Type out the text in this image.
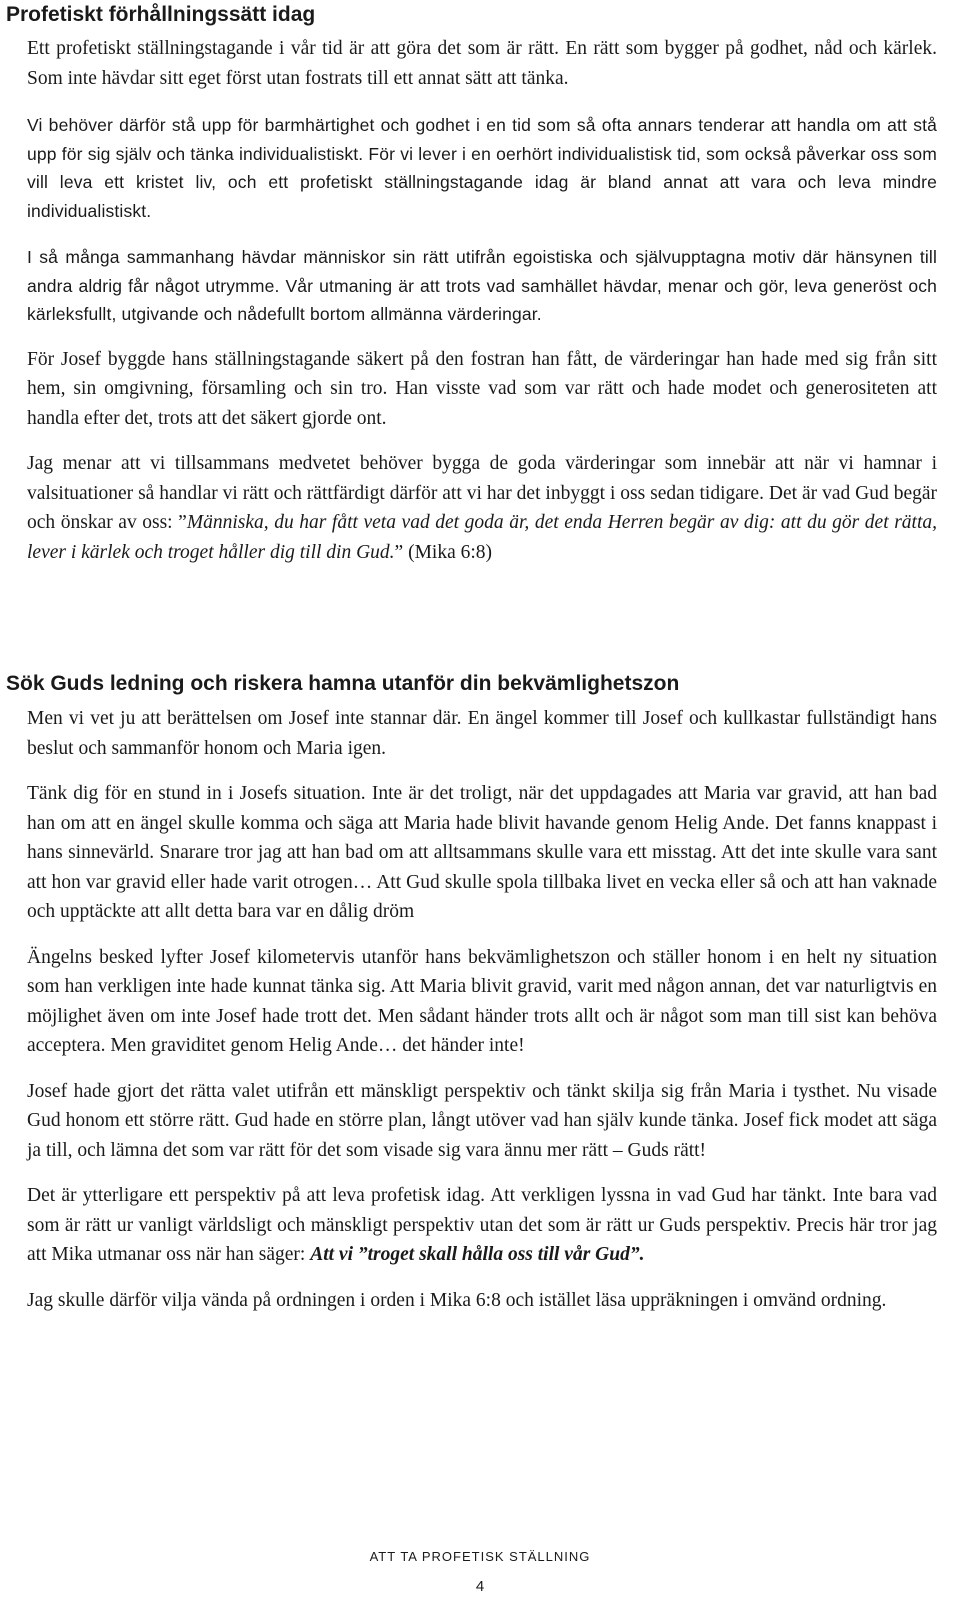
Profetiskt förhållningssätt idag

Ett profetiskt ställningstagande i vår tid är att göra det som är rätt. En rätt som bygger på godhet, nåd och kärlek. Som inte hävdar sitt eget först utan fostrats till ett annat sätt att tänka.

Vi behöver därför stå upp för barmhärtighet och godhet i en tid som så ofta annars tenderar att handla om att stå upp för sig själv och tänka individualistiskt. För vi lever i en oerhört individualistisk tid, som också påverkar oss som vill leva ett kristet liv, och ett profetiskt ställningstagande idag är bland annat att vara och leva mindre individualistiskt.

I så många sammanhang hävdar människor sin rätt utifrån egoistiska och självupptagna motiv där hänsynen till andra aldrig får något utrymme. Vår utmaning är att trots vad samhället hävdar, menar och gör, leva generöst och kärleksfullt, utgivande och nådefullt bortom allmänna värderingar.

För Josef byggde hans ställningstagande säkert på den fostran han fått, de värderingar han hade med sig från sitt hem, sin omgivning, församling och sin tro. Han visste vad som var rätt och hade modet och generositeten att handla efter det, trots att det säkert gjorde ont.

Jag menar att vi tillsammans medvetet behöver bygga de goda värderingar som innebär att när vi hamnar i valsituationer så handlar vi rätt och rättfärdigt därför att vi har det inbyggt i oss sedan tidigare. Det är vad Gud begär och önskar av oss: ”Människa, du har fått veta vad det goda är, det enda Herren begär av dig: att du gör det rätta, lever i kärlek och troget håller dig till din Gud.” (Mika 6:8)

Sök Guds ledning och riskera hamna utanför din bekvämlighetszon

Men vi vet ju att berättelsen om Josef inte stannar där. En ängel kommer till Josef och kullkastar fullständigt hans beslut och sammanför honom och Maria igen.

Tänk dig för en stund in i Josefs situation. Inte är det troligt, när det uppdagades att Maria var gravid, att han bad han om att en ängel skulle komma och säga att Maria hade blivit havande genom Helig Ande. Det fanns knappast i hans sinnevärld. Snarare tror jag att han bad om att alltsammans skulle vara ett misstag. Att det inte skulle vara sant att hon var gravid eller hade varit otrogen… Att Gud skulle spola tillbaka livet en vecka eller så och att han vaknade och upptäckte att allt detta bara var en dålig dröm

Ängelns besked lyfter Josef kilometervis utanför hans bekvämlighetszon och ställer honom i en helt ny situation som han verkligen inte hade kunnat tänka sig. Att Maria blivit gravid, varit med någon annan, det var naturligtvis en möjlighet även om inte Josef hade trott det. Men sådant händer trots allt och är något som man till sist kan behöva acceptera. Men graviditet genom Helig Ande… det händer inte!

Josef hade gjort det rätta valet utifrån ett mänskligt perspektiv och tänkt skilja sig från Maria i tysthet. Nu visade Gud honom ett större rätt. Gud hade en större plan, långt utöver vad han själv kunde tänka. Josef fick modet att säga ja till, och lämna det som var rätt för det som visade sig vara ännu mer rätt – Guds rätt!

Det är ytterligare ett perspektiv på att leva profetisk idag. Att verkligen lyssna in vad Gud har tänkt. Inte bara vad som är rätt ur vanligt världsligt och mänskligt perspektiv utan det som är rätt ur Guds perspektiv. Precis här tror jag att Mika utmanar oss när han säger: Att vi ”troget skall hålla oss till vår Gud”.

Jag skulle därför vilja vända på ordningen i orden i Mika 6:8 och istället läsa uppräkningen i omvänd ordning.

ATT TA PROFETISK STÄLLNING
4
